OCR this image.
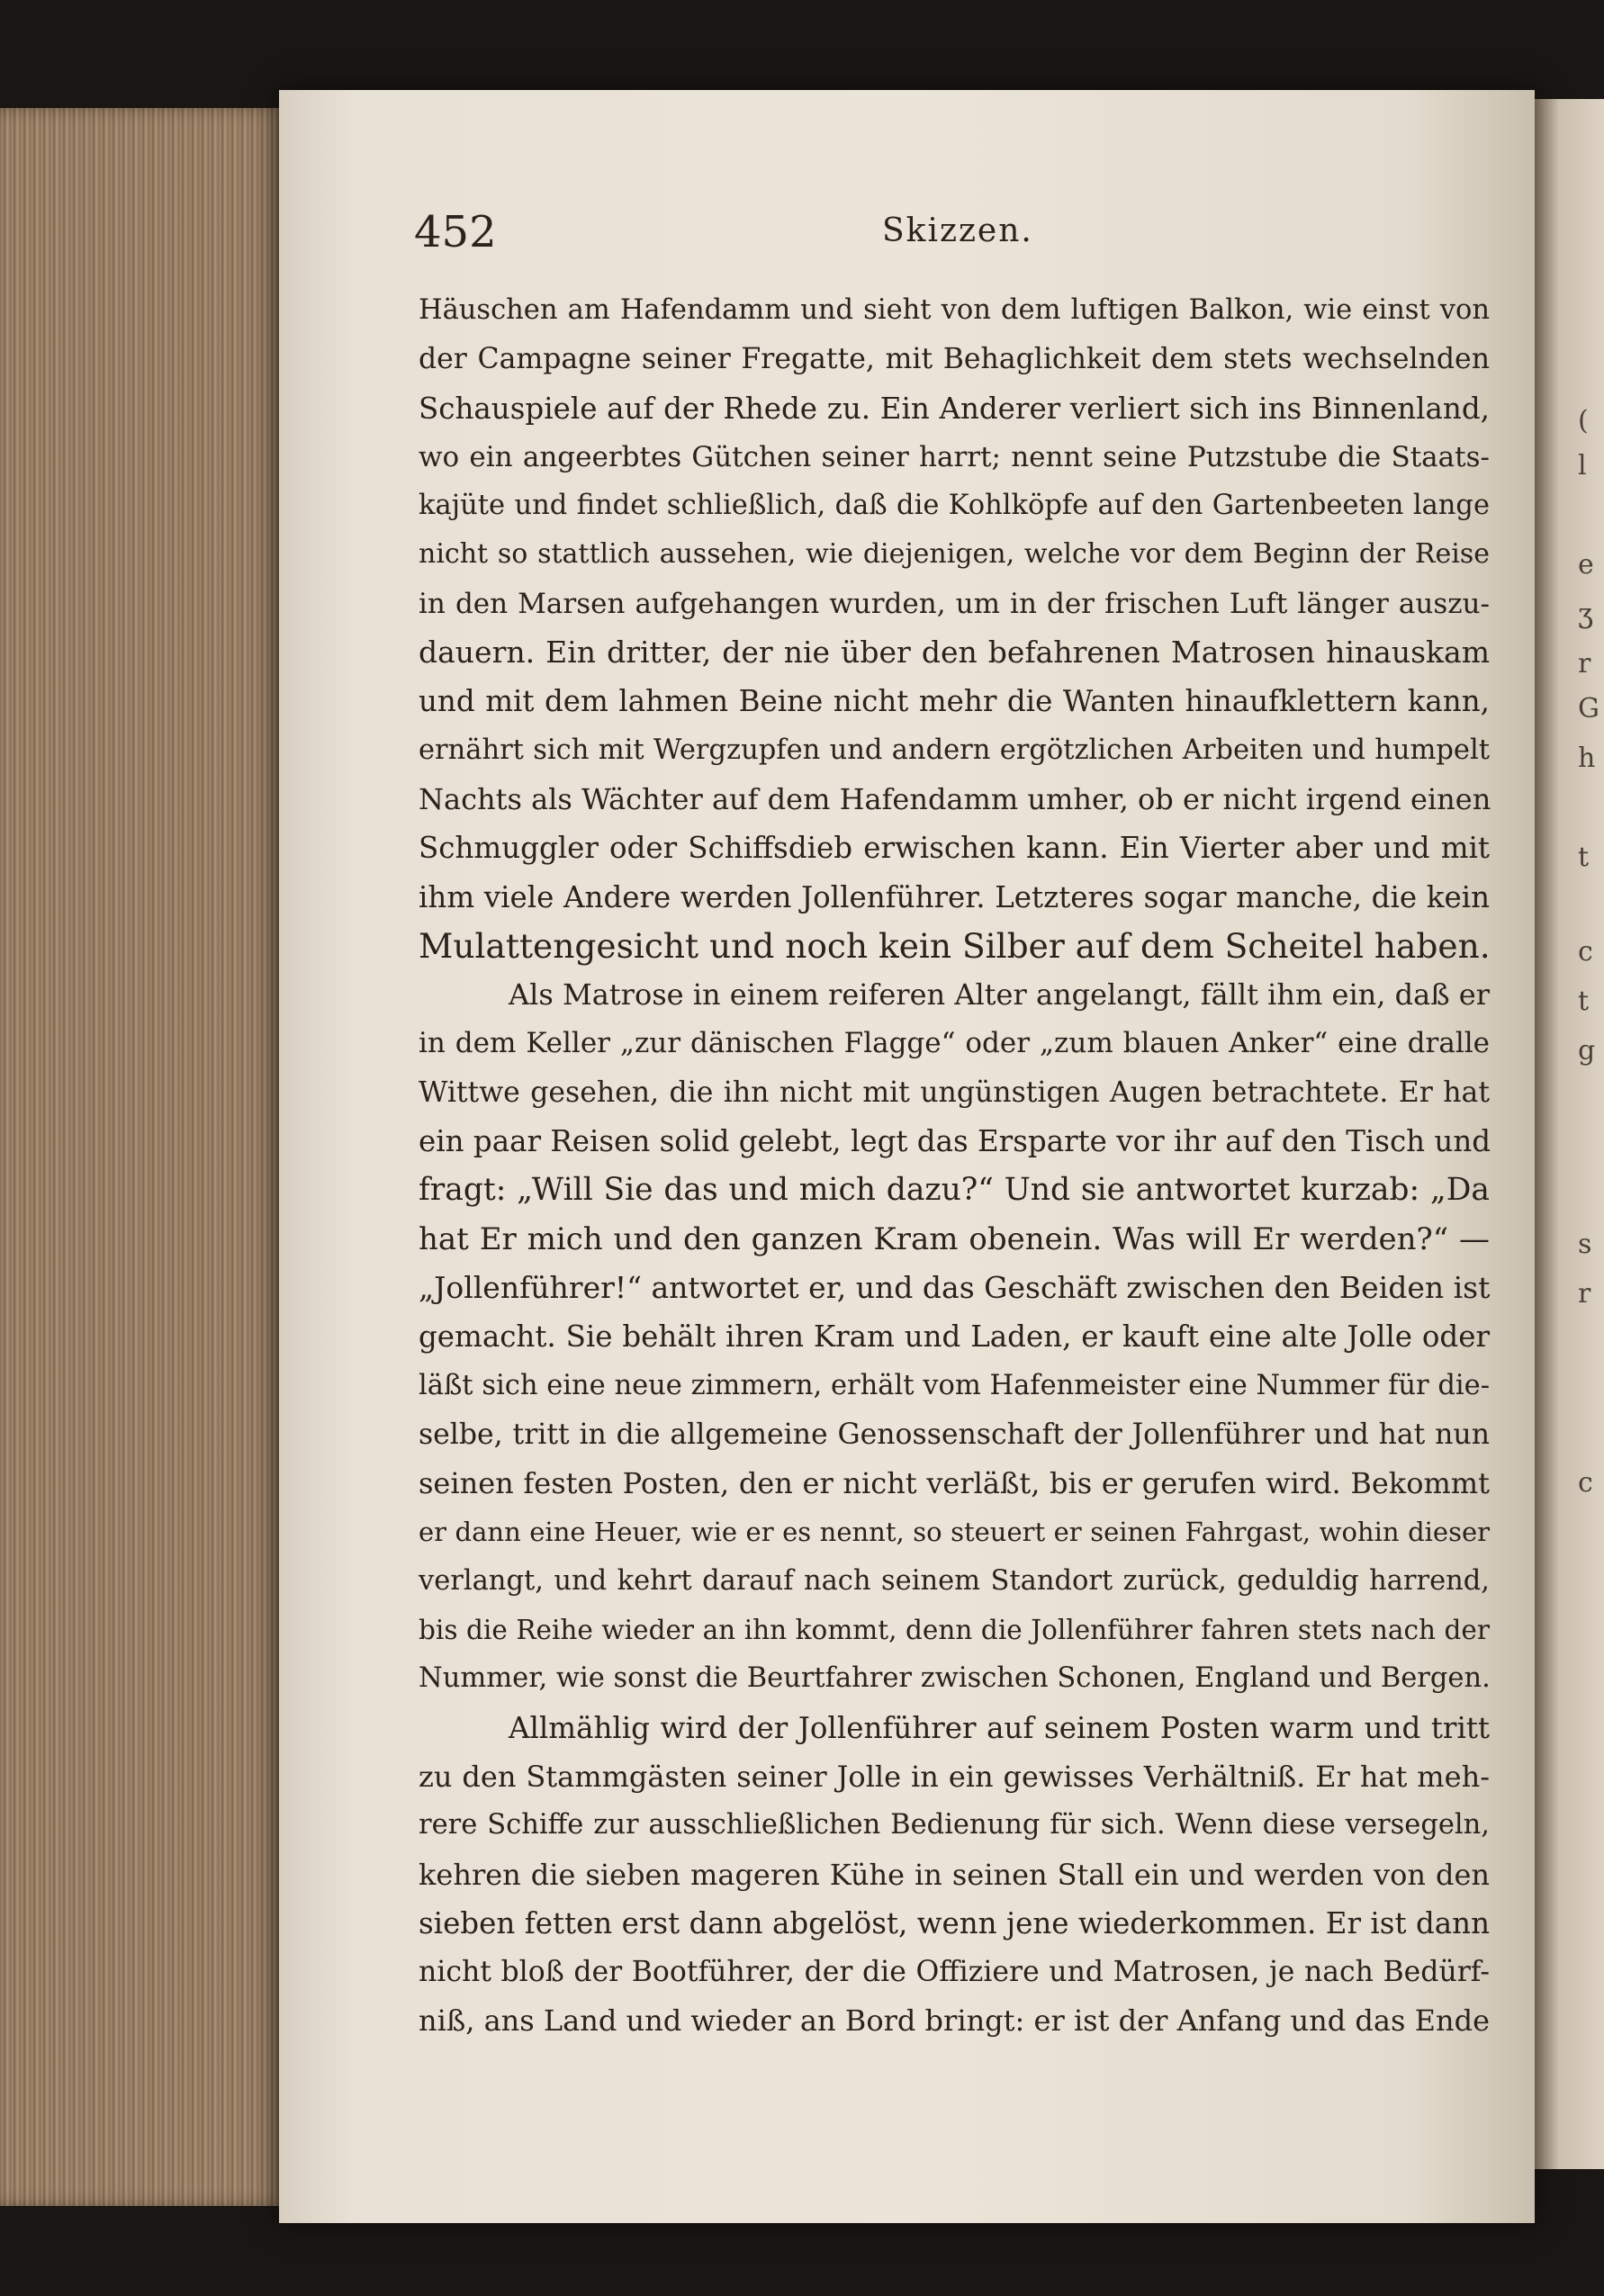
(
l
e
ʒ
r
G
h
t
c
t
g
s
r
c
452	Skizzen.
Häuschen am Hafendamm und sieht von dem luftigen Balkon, wie einst von
der Campagne seiner Fregatte, mit Behaglichkeit dem stets wechselnden
Schauspiele auf der Rhede zu. Ein Anderer verliert sich ins Binnenland,
wo ein angeerbtes Gütchen seiner harrt; nennt seine Putzstube die Staats-
kajüte und findet schließlich, daß die Kohlköpfe auf den Gartenbeeten lange
nicht so stattlich aussehen, wie diejenigen, welche vor dem Beginn der Reise
in den Marsen aufgehangen wurden, um in der frischen Luft länger auszu-
dauern. Ein dritter, der nie über den befahrenen Matrosen hinauskam
und mit dem lahmen Beine nicht mehr die Wanten hinaufklettern kann,
ernährt sich mit Wergzupfen und andern ergötzlichen Arbeiten und humpelt
Nachts als Wächter auf dem Hafendamm umher, ob er nicht irgend einen
Schmuggler oder Schiffsdieb erwischen kann. Ein Vierter aber und mit
ihm viele Andere werden Jollenführer. Letzteres sogar manche, die kein
Mulattengesicht und noch kein Silber auf dem Scheitel haben.
Als Matrose in einem reiferen Alter angelangt, fällt ihm ein, daß er
in dem Keller „zur dänischen Flagge“ oder „zum blauen Anker“ eine dralle
Wittwe gesehen, die ihn nicht mit ungünstigen Augen betrachtete. Er hat
ein paar Reisen solid gelebt, legt das Ersparte vor ihr auf den Tisch und
fragt: „Will Sie das und mich dazu?“ Und sie antwortet kurzab: „Da
hat Er mich und den ganzen Kram obenein. Was will Er werden?“ —
„Jollenführer!“ antwortet er, und das Geschäft zwischen den Beiden ist
gemacht. Sie behält ihren Kram und Laden, er kauft eine alte Jolle oder
läßt sich eine neue zimmern, erhält vom Hafenmeister eine Nummer für die-
selbe, tritt in die allgemeine Genossenschaft der Jollenführer und hat nun
seinen festen Posten, den er nicht verläßt, bis er gerufen wird. Bekommt
er dann eine Heuer, wie er es nennt, so steuert er seinen Fahrgast, wohin dieser
verlangt, und kehrt darauf nach seinem Standort zurück, geduldig harrend,
bis die Reihe wieder an ihn kommt, denn die Jollenführer fahren stets nach der
Nummer, wie sonst die Beurtfahrer zwischen Schonen, England und Bergen.
Allmählig wird der Jollenführer auf seinem Posten warm und tritt
zu den Stammgästen seiner Jolle in ein gewisses Verhältniß. Er hat meh-
rere Schiffe zur ausschließlichen Bedienung für sich. Wenn diese versegeln,
kehren die sieben mageren Kühe in seinen Stall ein und werden von den
sieben fetten erst dann abgelöst, wenn jene wiederkommen. Er ist dann
nicht bloß der Bootführer, der die Offiziere und Matrosen, je nach Bedürf-
niß, ans Land und wieder an Bord bringt: er ist der Anfang und das Ende
